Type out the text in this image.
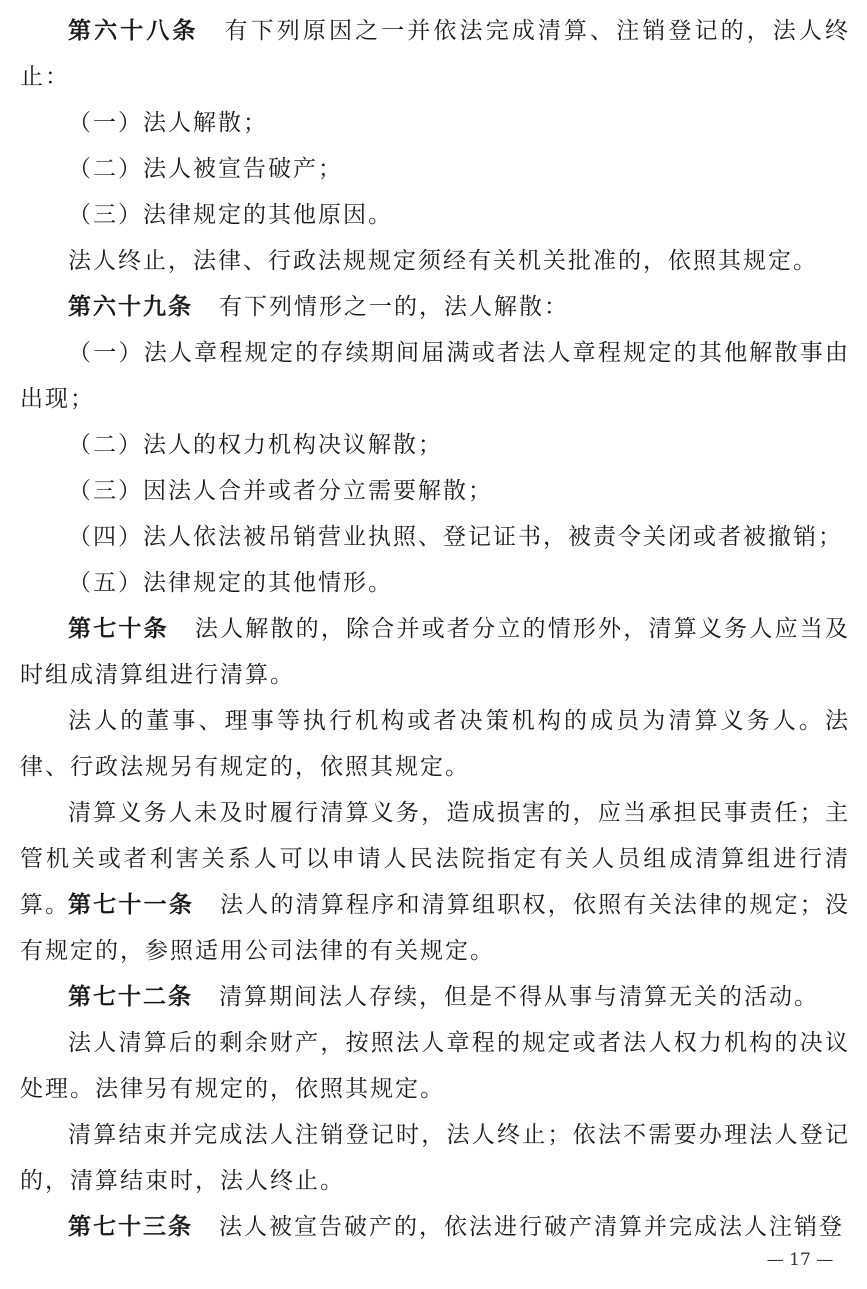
第六十八条 有下列原因之一并依法完成清算、注销登记的，法人终止：

（一）法人解散；

（二）法人被宣告破产；

（三）法律规定的其他原因。

法人终止，法律、行政法规规定须经有关机关批准的，依照其规定。

第六十九条 有下列情形之一的，法人解散：

（一）法人章程规定的存续期间届满或者法人章程规定的其他解散事由出现；

（二）法人的权力机构决议解散；

（三）因法人合并或者分立需要解散；

（四）法人依法被吊销营业执照、登记证书，被责令关闭或者被撤销；

（五）法律规定的其他情形。

第七十条 法人解散的，除合并或者分立的情形外，清算义务人应当及时组成清算组进行清算。

法人的董事、理事等执行机构或者决策机构的成员为清算义务人。法律、行政法规另有规定的，依照其规定。

清算义务人未及时履行清算义务，造成损害的，应当承担民事责任；主管机关或者利害关系人可以申请人民法院指定有关人员组成清算组进行清算。

第七十一条 法人的清算程序和清算组职权，依照有关法律的规定；没有规定的，参照适用公司法律的有关规定。

第七十二条 清算期间法人存续，但是不得从事与清算无关的活动。

法人清算后的剩余财产，按照法人章程的规定或者法人权力机构的决议处理。法律另有规定的，依照其规定。

清算结束并完成法人注销登记时，法人终止；依法不需要办理法人登记的，清算结束时，法人终止。

第七十三条 法人被宣告破产的，依法进行破产清算并完成法人注销登

— 17 —
